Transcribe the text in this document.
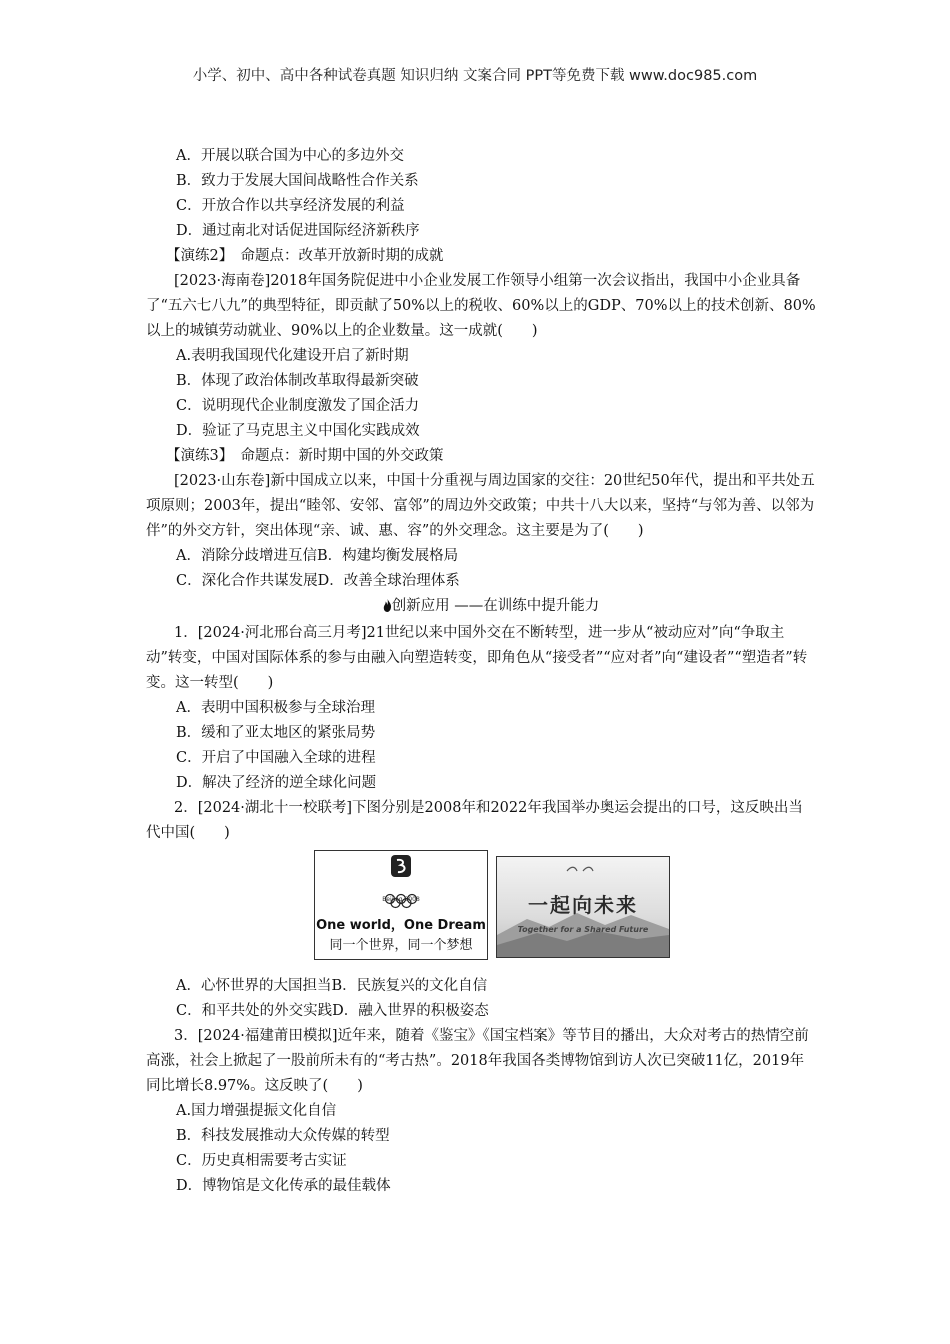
小学、初中、高中各种试卷真题 知识归纳 文案合同 PPT等免费下载 www.doc985.com

A．开展以联合国为中心的多边外交

B．致力于发展大国间战略性合作关系

C．开放合作以共享经济发展的利益

D．通过南北对话促进国际经济新秩序

【演练2】　命题点：改革开放新时期的成就

[2023·海南卷]2018年国务院促进中小企业发展工作领导小组第一次会议指出，我国中小企业具备了“五六七八九”的典型特征，即贡献了50%以上的税收、60%以上的GDP、70%以上的技术创新、80%以上的城镇劳动就业、90%以上的企业数量。这一成就(　　)

A.表明我国现代化建设开启了新时期

B．体现了政治体制改革取得最新突破

C．说明现代企业制度激发了国企活力

D．验证了马克思主义中国化实践成效

【演练3】　命题点：新时期中国的外交政策

[2023·山东卷]新中国成立以来，中国十分重视与周边国家的交往：20世纪50年代，提出和平共处五项原则；2003年，提出“睦邻、安邻、富邻”的周边外交政策；中共十八大以来，坚持“与邻为善、以邻为伴”的外交方针，突出体现“亲、诚、惠、容”的外交理念。这主要是为了(　　)

A．消除分歧增进互信B．构建均衡发展格局

C．深化合作共谋发展D．改善全球治理体系

创新应用 ——在训练中提升能力

1．[2024·河北邢台高三月考]21世纪以来中国外交在不断转型，进一步从“被动应对”向“争取主动”转变，中国对国际体系的参与由融入向塑造转变，即角色从“接受者”“应对者”向“建设者”“塑造者”转变。这一转型(　　)

A．表明中国积极参与全球治理

B．缓和了亚太地区的紧张局势

C．开启了中国融入全球的进程

D．解决了经济的逆全球化问题

2．[2024·湖北十一校联考]下图分别是2008年和2022年我国举办奥运会提出的口号，这反映出当代中国(　　)

Beijing 2008
One world，One Dream
同一个世界，同一个梦想
一起向未来
Together for a Shared Future

A．心怀世界的大国担当B．民族复兴的文化自信

C．和平共处的外交实践D．融入世界的积极姿态

3．[2024·福建莆田模拟]近年来，随着《鉴宝》《国宝档案》等节目的播出，大众对考古的热情空前高涨，社会上掀起了一股前所未有的“考古热”。2018年我国各类博物馆到访人次已突破11亿，2019年同比增长8.97%。这反映了(　　)

A.国力增强提振文化自信

B．科技发展推动大众传媒的转型

C．历史真相需要考古实证

D．博物馆是文化传承的最佳载体
